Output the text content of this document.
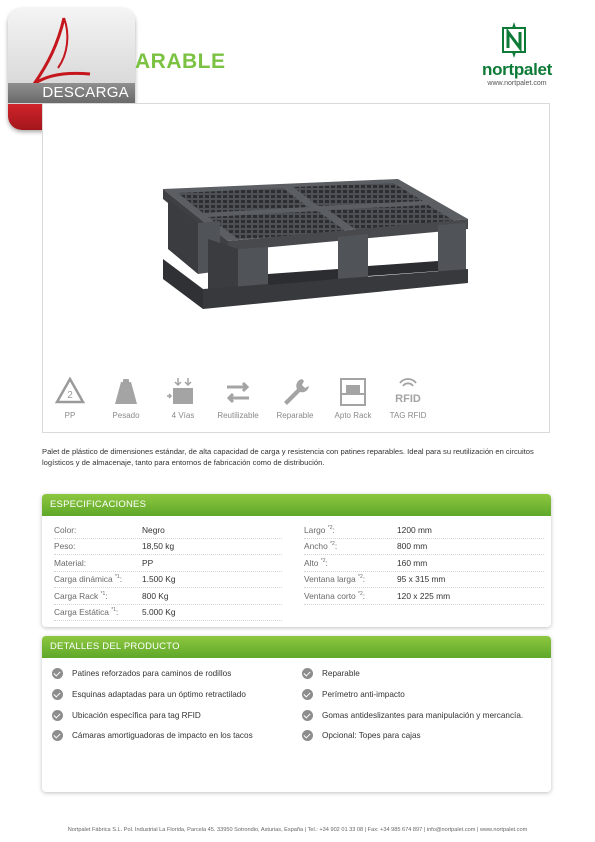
DESCARGA
ARABLE	nortpalet
www.nortpalet.com
2
PP	Pesado	4 Vías	Reutilizable	Reparable	Apto Rack
RFID
TAG RFID
Palet de plástico de dimensiones estándar, de alta capacidad de carga y resistencia con patines reparables. Ideal para su reutilización en circuitos logísticos y de almacenaje, tanto para entornos de fabricación como de distribución.
ESPECIFICACIONES
Color:	Negro
Peso:	18,50 kg
Material:	PP
Carga dinámica $^{*1}$: 1.500 Kg
Carga Rack $^{*1}$:	800 Kg
Carga Estática $^{*1}$:	5.000 Kg
Largo $^{*2}$:	1200 mm
Ancho $^{*2}$:	800 mm
Alto $^{*2}$:	160 mm
Ventana larga $^{*2}$:	95 x 315 mm
Ventana corto $^{*2}$:	120 x 225 mm
DETALLES DEL PRODUCTO
Patines reforzados para caminos de rodillos
Esquinas adaptadas para un óptimo retractilado
Ubicación específica para tag RFID
Cámaras amortiguadoras de impacto en los tacos
Reparable
Perímetro anti-impacto
Gomas antideslizantes para manipulación y mercancía.
Opcional: Topes para cajas
Nortpalet Fábrica S.L. Pol. Industrial La Florida, Parcela 45. 33950 Sotrondio, Asturias, España | Tel.: +34 902 01 33 08 | Fax: +34 985 674 897 | info@nortpalet.com | www.nortpalet.com
